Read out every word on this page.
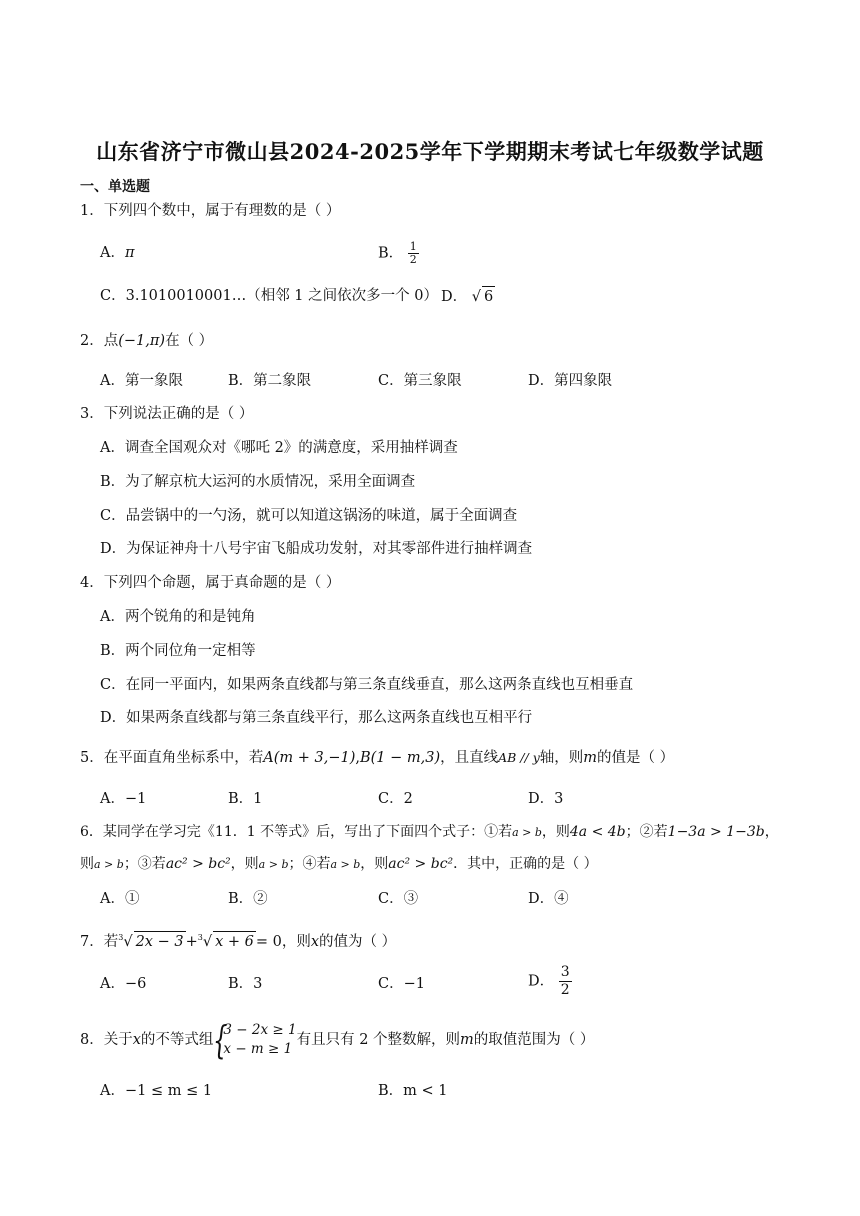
山东省济宁市微山县2024-2025学年下学期期末考试七年级数学试题
一、单选题
1．下列四个数中，属于有理数的是（ ）
A．π	B． $\frac{1}{2}$
C．3.1010010001…（相邻 1 之间依次多一个 0） D． √ 6
2．点(−1,π)在（ ）
A．第一象限	B．第二象限	C．第三象限	D．第四象限
3．下列说法正确的是（ ）
A．调查全国观众对《哪吒 2》的满意度，采用抽样调查
B．为了解京杭大运河的水质情况，采用全面调查
C．品尝锅中的一勺汤，就可以知道这锅汤的味道，属于全面调查
D．为保证神舟十八号宇宙飞船成功发射，对其零部件进行抽样调查
4．下列四个命题，属于真命题的是（ ）
A．两个锐角的和是钝角
B．两个同位角一定相等
C．在同一平面内，如果两条直线都与第三条直线垂直，那么这两条直线也互相垂直
D．如果两条直线都与第三条直线平行，那么这两条直线也互相平行
5．在平面直角坐标系中，若A(m + 3,−1),B(1 − m,3)，且直线AB // y轴，则m的值是（ ）
A．−1	B．1	C．2	D．3
6．某同学在学习完《11．1 不等式》后，写出了下面四个式子：①若a > b，则4a < 4b；②若1−3a > 1−3b，
则a > b；③若ac² > bc²，则a > b；④若a > b，则ac² > bc²．其中，正确的是（ ）
A．①	B．②	C．③	D．④
7．若$^3$√ 2x − 3 +$^3$√ x + 6 = 0，则x的值为（ ）
A．−6	B．3	C．−1	D． $\frac{3}{2}$
8．关于 x 的不等式组 {
3 − 2x ≥ 1
x − m ≥ 1
有且只有 2 个整数解，则 m 的取值范围为（ ）
A．−1 ≤ m ≤ 1	B．m < 1
